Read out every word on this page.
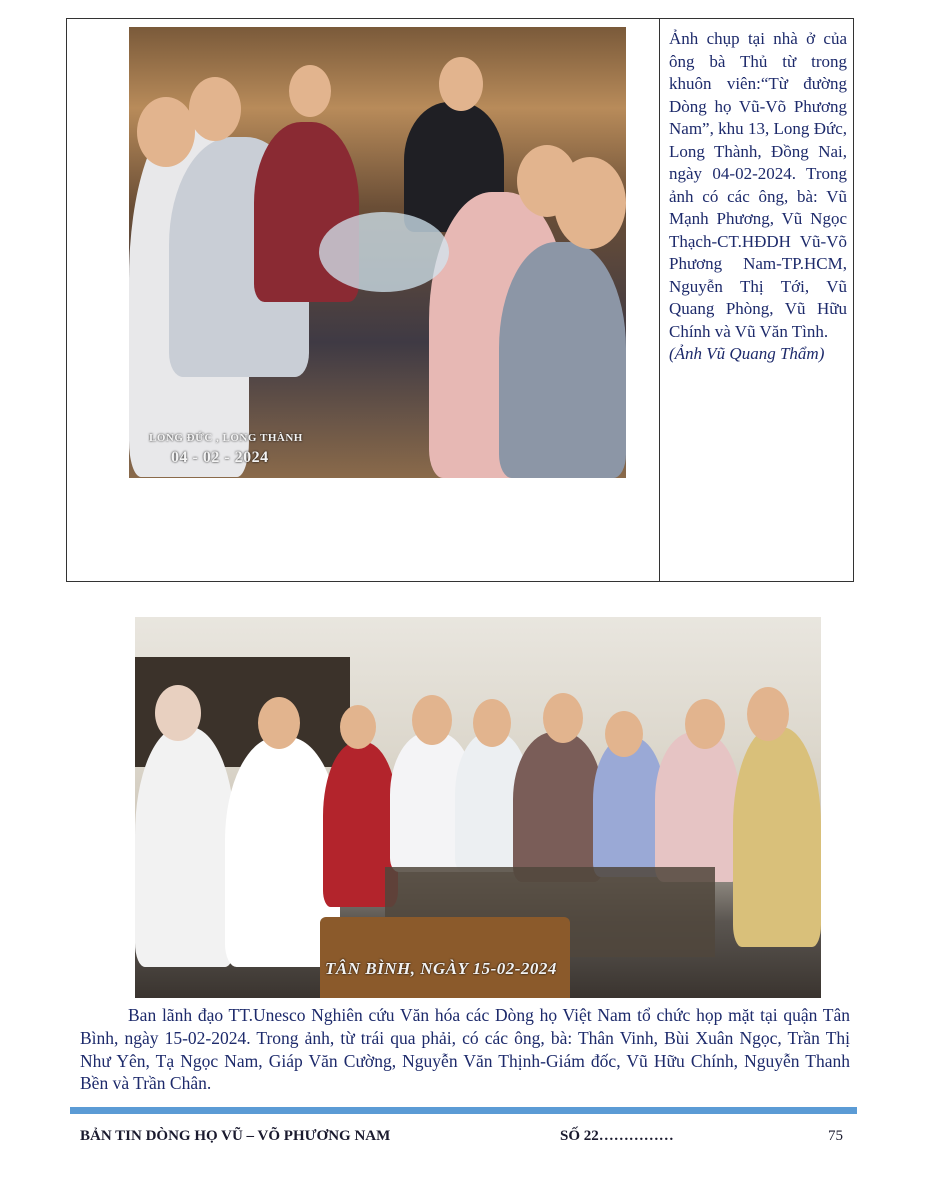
LONG ĐỨC , LONG THÀNH
04 - 02 - 2024
Ảnh chụp tại nhà ở của ông bà Thủ từ trong khuôn viên:“Từ đường Dòng họ Vũ-Võ Phương Nam”, khu 13, Long Đức, Long Thành, Đồng Nai, ngày 04-02-2024. Trong ảnh có các ông, bà: Vũ Mạnh Phương, Vũ Ngọc Thạch-CT.HĐDH Vũ-Võ Phương Nam-TP.HCM, Nguyễn Thị Tới, Vũ Quang Phòng, Vũ Hữu Chính và Vũ Văn Tình.
(Ảnh Vũ Quang Thẩm)
TÂN BÌNH, NGÀY 15-02-2024
Ban lãnh đạo TT.Unesco Nghiên cứu Văn hóa các Dòng họ Việt Nam tổ chức họp mặt tại quận Tân Bình, ngày 15-02-2024. Trong ảnh, từ trái qua phải, có các ông, bà: Thân Vinh, Bùi Xuân Ngọc, Trần Thị Như Yên, Tạ Ngọc Nam, Giáp Văn Cường, Nguyễn Văn Thịnh-Giám đốc, Vũ Hữu Chính, Nguyễn Thanh Bền và Trần Chân.
BẢN TIN DÒNG HỌ VŨ – VÕ PHƯƠNG NAM	SỐ 22……………	75
